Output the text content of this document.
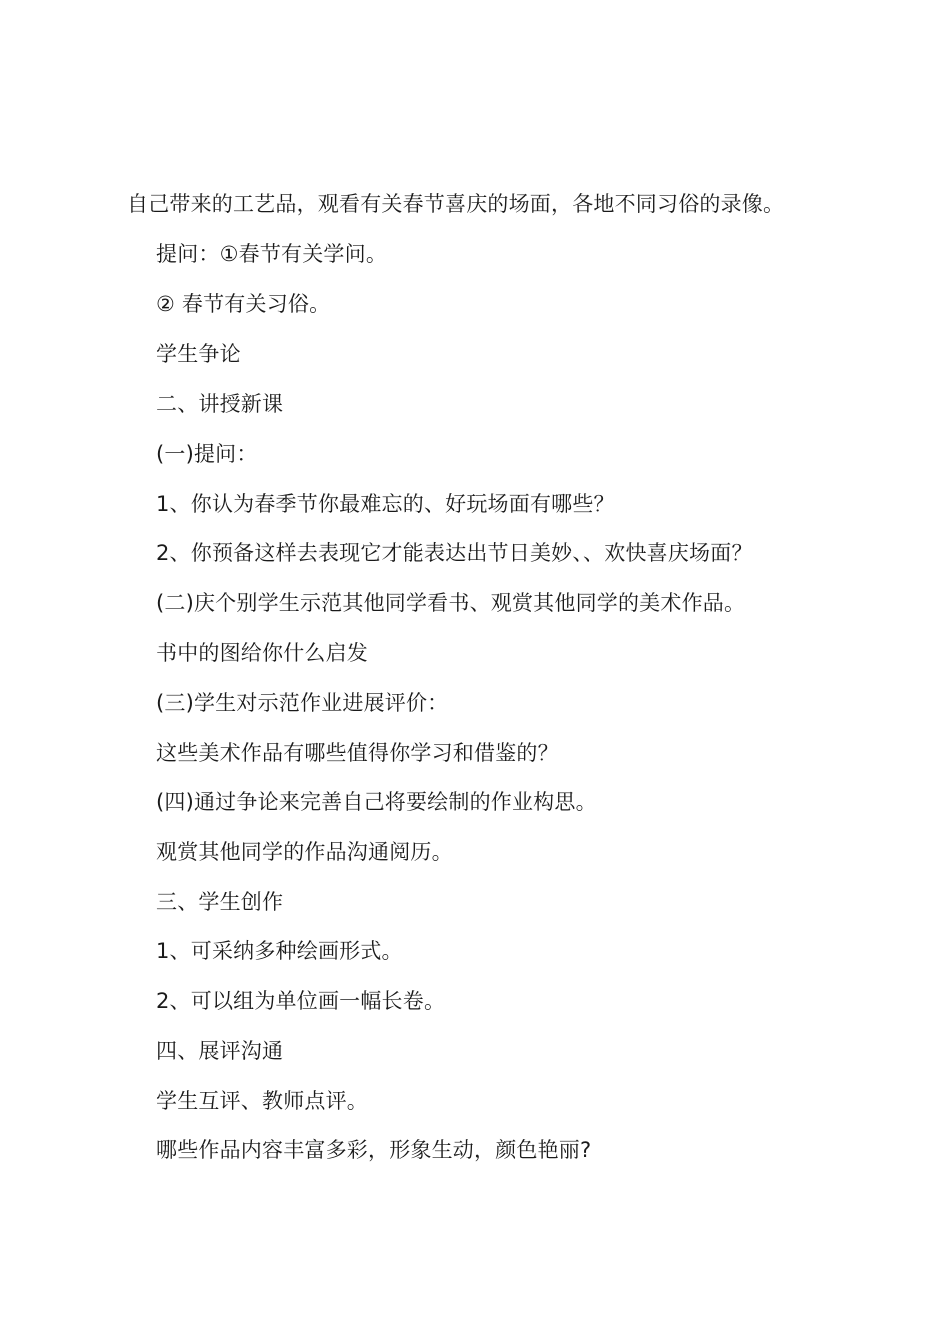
自己带来的工艺品，观看有关春节喜庆的场面，各地不同习俗的录像。
提问：①春节有关学问。
② 春节有关习俗。
学生争论
二、讲授新课
(一)提问：
1、你认为春季节你最难忘的、好玩场面有哪些？
2、你预备这样去表现它才能表达出节日美妙、、欢快喜庆场面？
(二)庆个别学生示范其他同学看书、观赏其他同学的美术作品。
书中的图给你什么启发
(三)学生对示范作业进展评价：
这些美术作品有哪些值得你学习和借鉴的？
(四)通过争论来完善自己将要绘制的作业构思。
观赏其他同学的作品沟通阅历。
三、学生创作
1、可采纳多种绘画形式。
2、可以组为单位画一幅长卷。
四、展评沟通
学生互评、教师点评。
哪些作品内容丰富多彩，形象生动，颜色艳丽?
